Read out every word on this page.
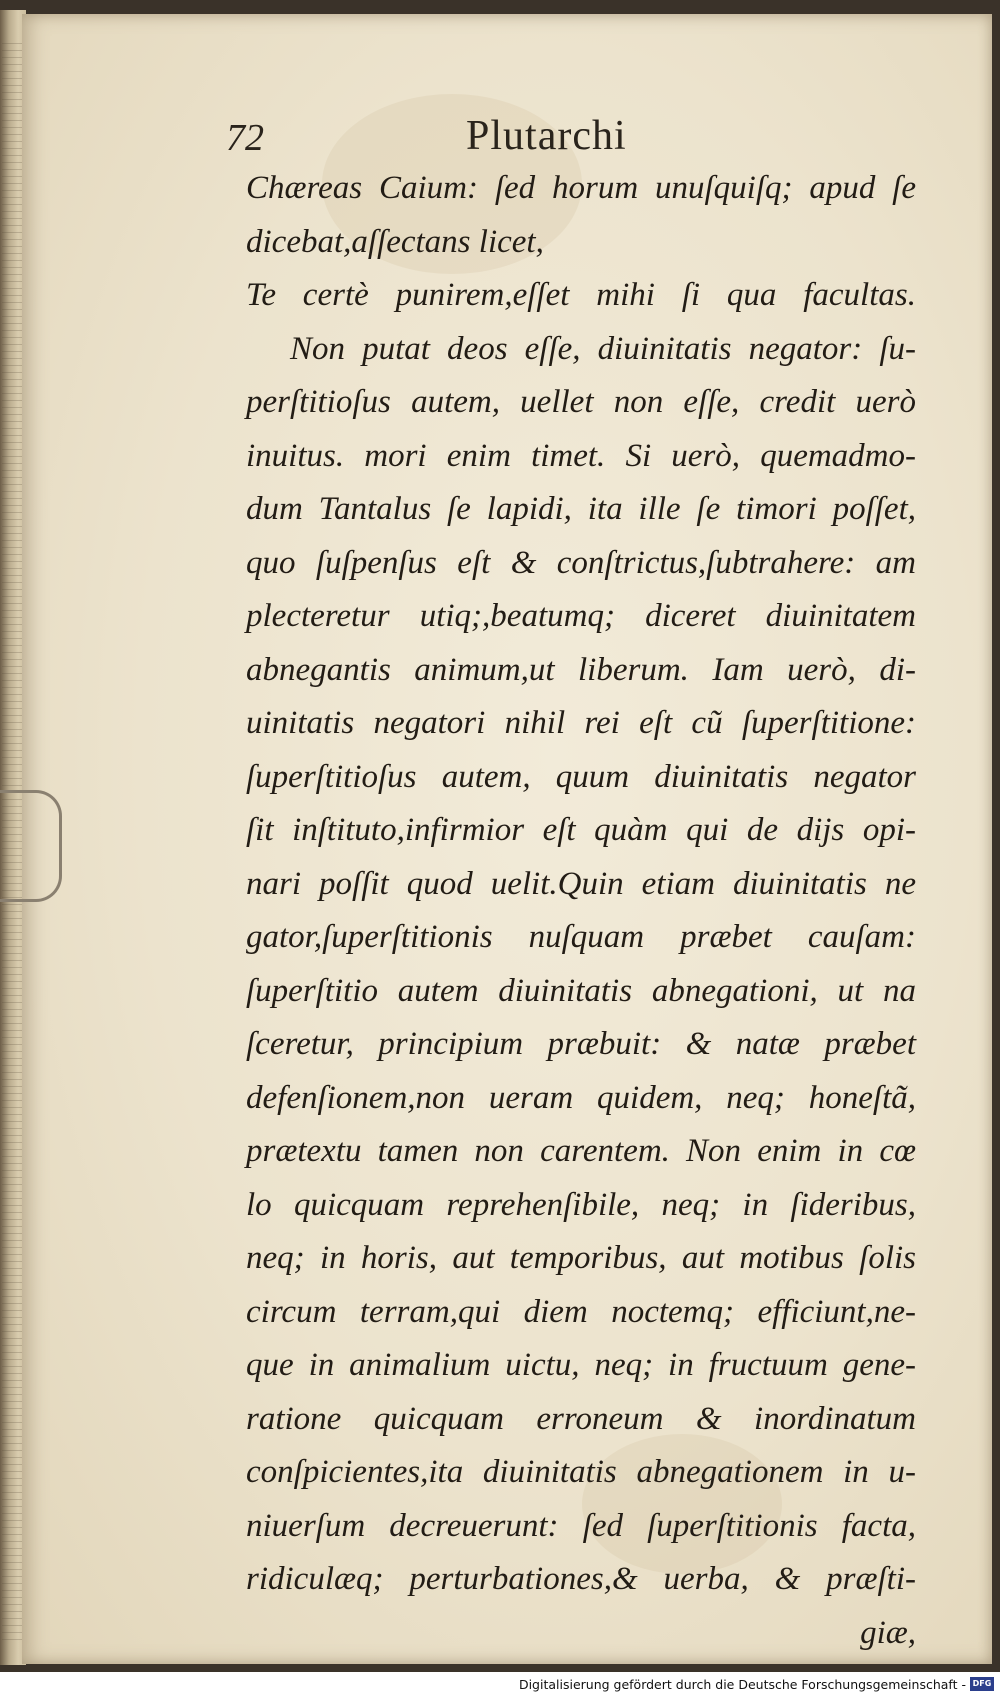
72	Plutarchi
Chæreas Caium: ſed horum unuſquiſq; apud ſe
dicebat,aſſectans licet,
Te certè punirem,eſſet mihi ſi qua facultas.
Non putat deos eſſe, diuinitatis negator: ſu-
perſtitioſus autem, uellet non eſſe, credit uerò
inuitus. mori enim timet. Si uerò, quemadmo-
dum Tantalus ſe lapidi, ita ille ſe timori poſſet,
quo ſuſpenſus eſt & conſtrictus,ſubtrahere: am
plecteretur utiq;,beatumq; diceret diuinitatem
abnegantis animum,ut liberum. Iam uerò, di-
uinitatis negatori nihil rei eſt cũ ſuperſtitione:
ſuperſtitioſus autem, quum diuinitatis negator
ſit inſtituto,infirmior eſt quàm qui de dijs opi-
nari poſſit quod uelit.Quin etiam diuinitatis ne
gator,ſuperſtitionis nuſquam præbet cauſam:
ſuperſtitio autem diuinitatis abnegationi, ut na
ſceretur, principium præbuit: & natæ præbet
defenſionem,non ueram quidem, neq; honeſtã,
prætextu tamen non carentem. Non enim in cœ
lo quicquam reprehenſibile, neq; in ſideribus,
neq; in horis, aut temporibus, aut motibus ſolis
circum terram,qui diem noctemq; efficiunt,ne-
que in animalium uictu, neq; in fructuum gene-
ratione quicquam erroneum & inordinatum
conſpicientes,ita diuinitatis abnegationem in u-
niuerſum decreuerunt: ſed ſuperſtitionis facta,
ridiculæq; perturbationes,& uerba, & præſti-
giæ,
Digitalisierung gefördert durch die Deutsche Forschungsgemeinschaft - DFG
